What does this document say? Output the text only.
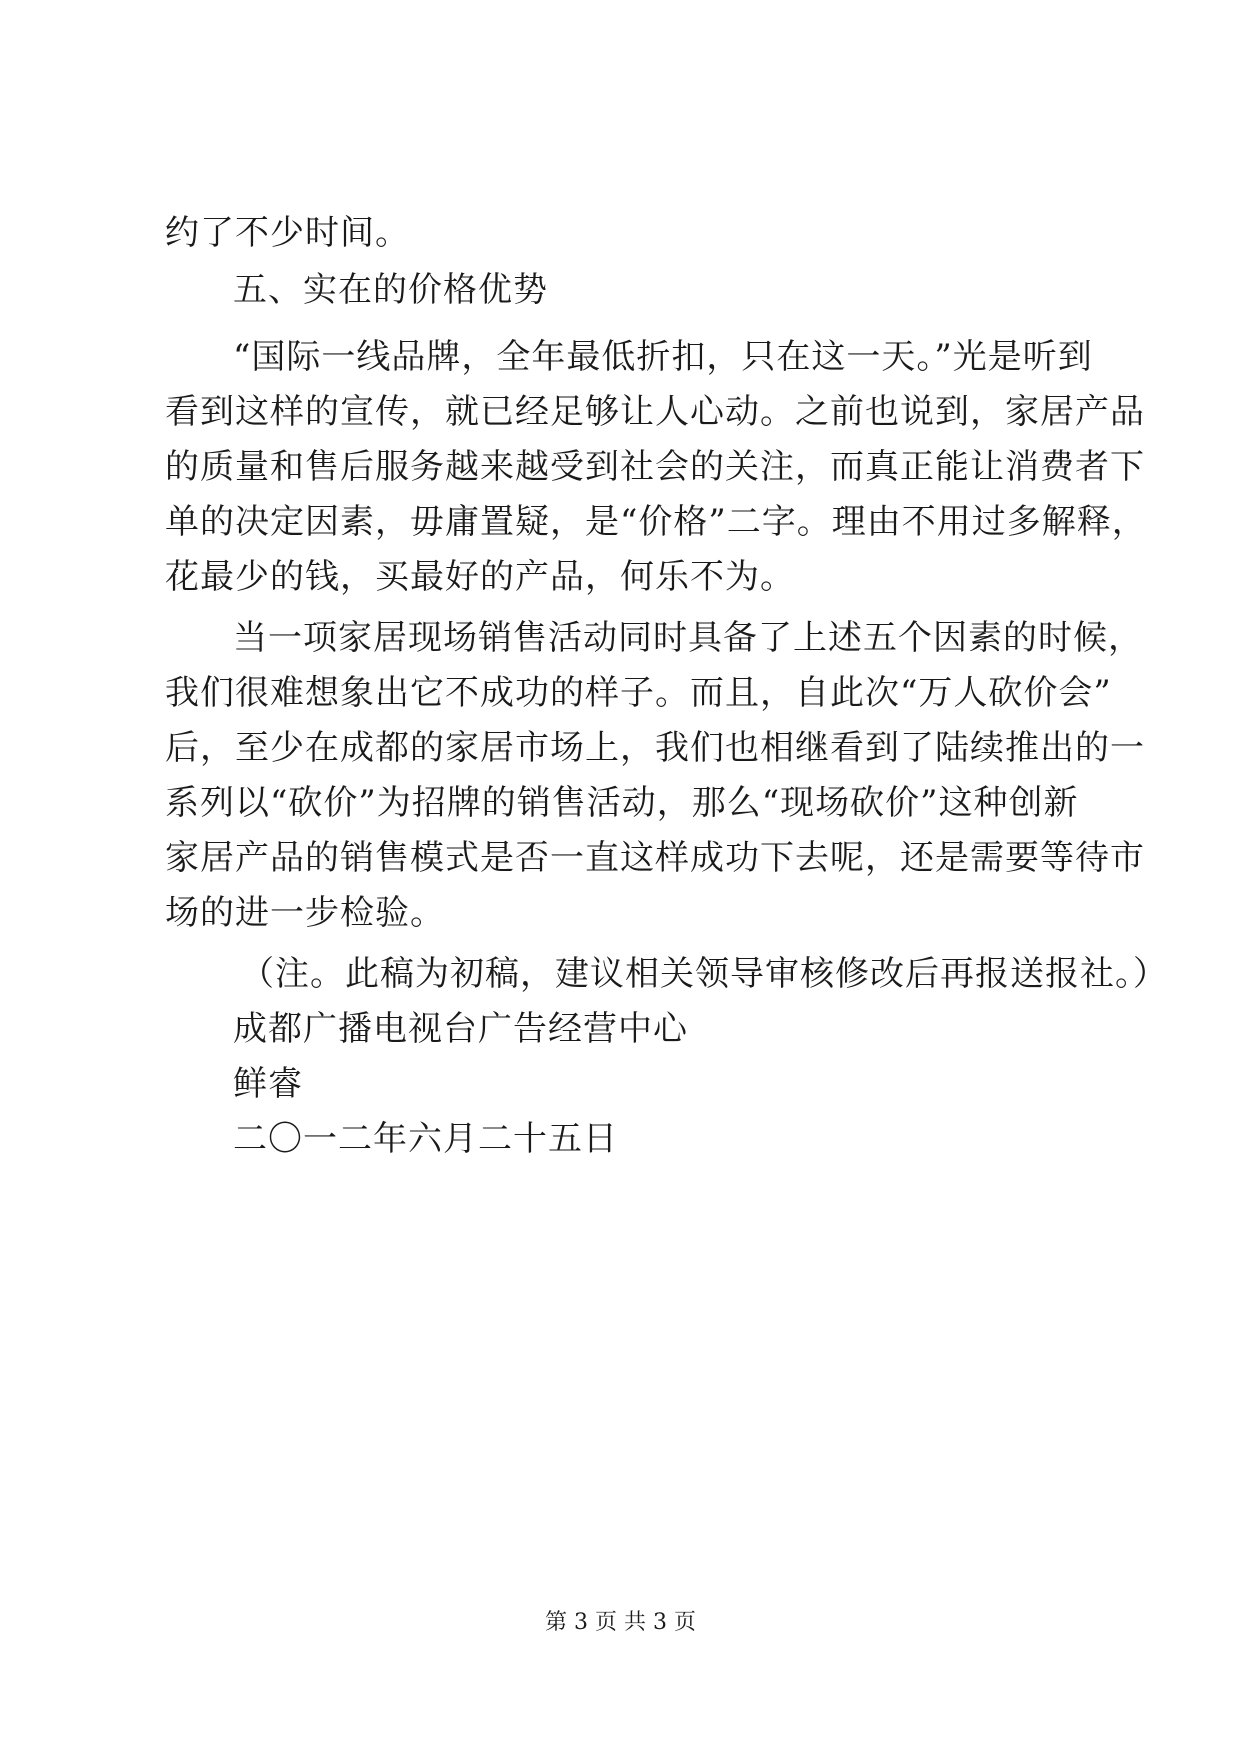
约了不少时间。
五、实在的价格优势
“国际一线品牌，全年最低折扣，只在这一天。”光是听到
看到这样的宣传，就已经足够让人心动。之前也说到，家居产品
的质量和售后服务越来越受到社会的关注，而真正能让消费者下
单的决定因素，毋庸置疑，是“价格”二字。理由不用过多解释，
花最少的钱，买最好的产品，何乐不为。
当一项家居现场销售活动同时具备了上述五个因素的时候，
我们很难想象出它不成功的样子。而且，自此次“万人砍价会”
后，至少在成都的家居市场上，我们也相继看到了陆续推出的一
系列以“砍价”为招牌的销售活动，那么“现场砍价”这种创新
家居产品的销售模式是否一直这样成功下去呢，还是需要等待市
场的进一步检验。
（注。此稿为初稿，建议相关领导审核修改后再报送报社。）
成都广播电视台广告经营中心
鲜睿
二〇一二年六月二十五日
第 3 页 共 3 页
